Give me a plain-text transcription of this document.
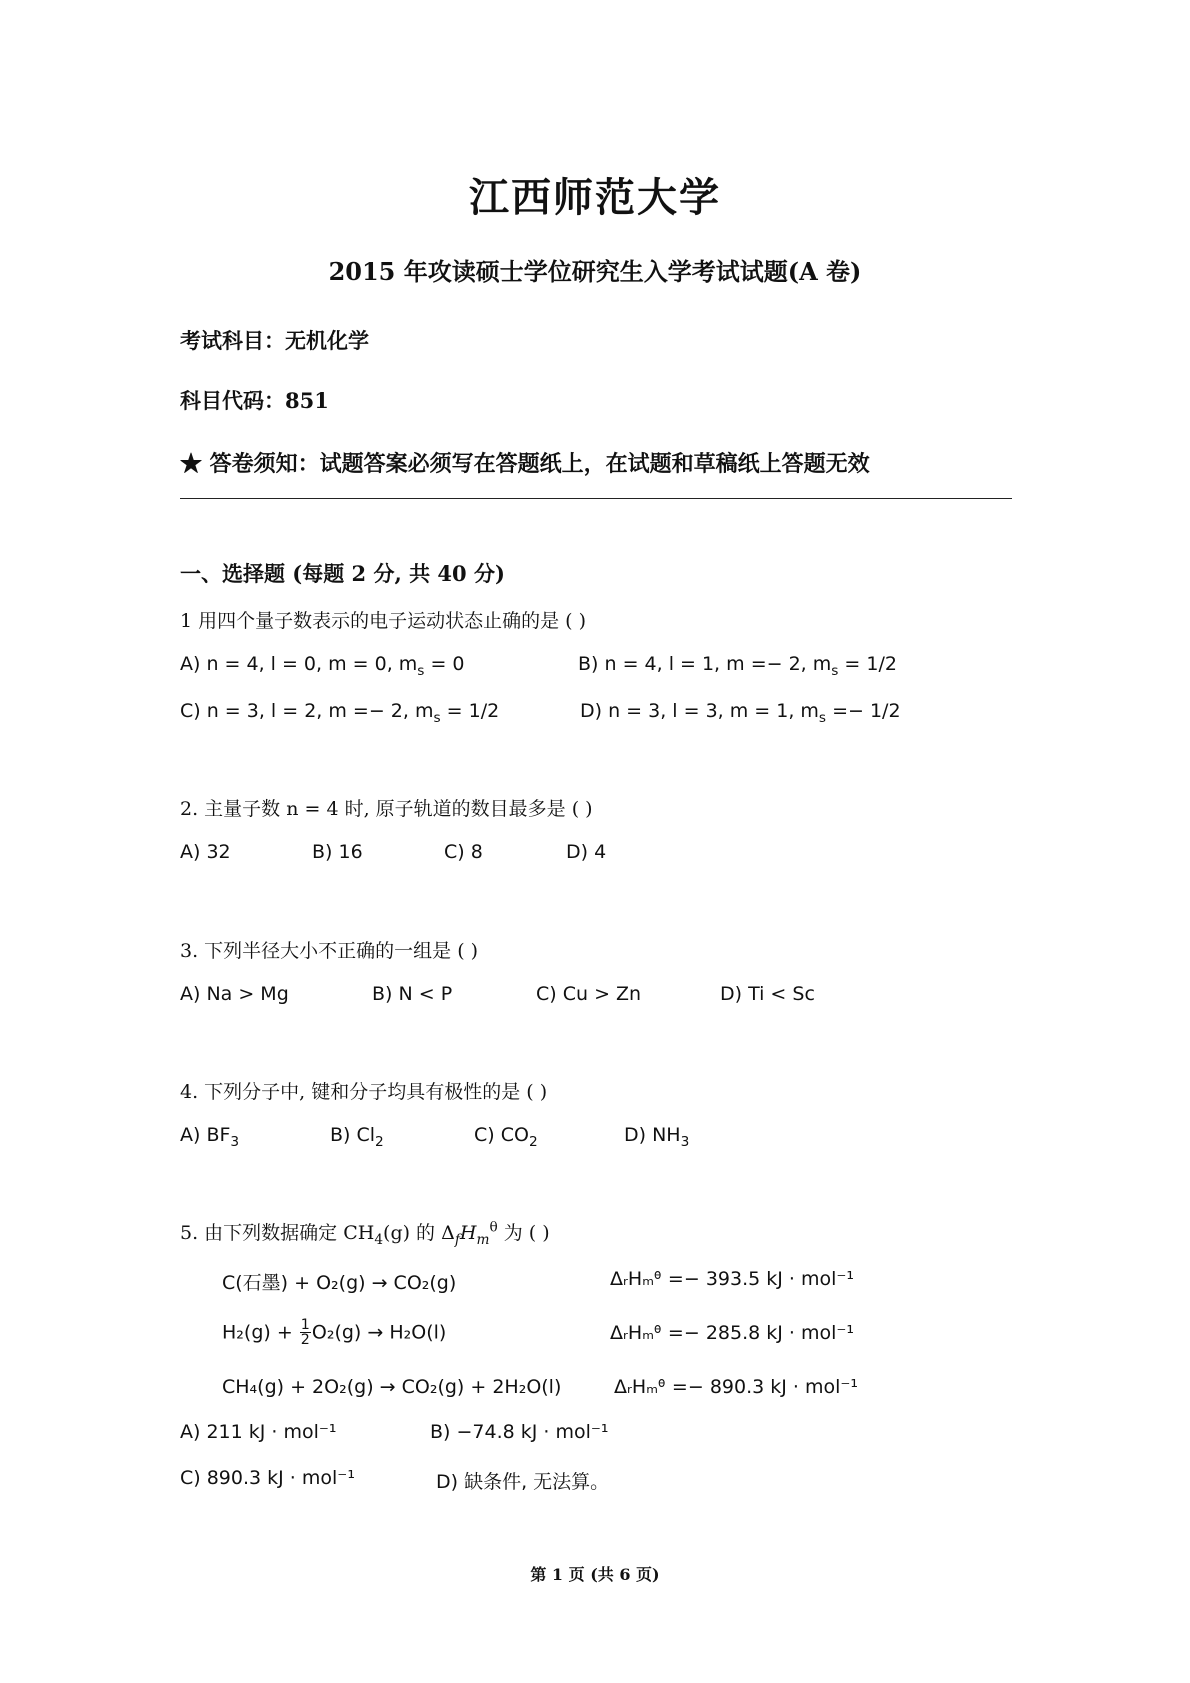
江西师范大学
2015 年攻读硕士学位研究生入学考试试题(A 卷)
考试科目：无机化学
科目代码：851
★ 答卷须知：试题答案必须写在答题纸上，在试题和草稿纸上答题无效
一、选择题 (每题 2 分, 共 40 分)
1 用四个量子数表示的电子运动状态止确的是 ( )
A) n = 4, l = 0, m = 0, $m_s = 0$	B) n = 4, l = 1, m =− 2, $m_s = 1/2$
C) n = 3, l = 2, m =− 2, $m_s = 1/2$	D) n = 3, l = 3, m = 1, $m_s =- 1/2$
2. 主量子数 n = 4 时, 原子轨道的数目最多是 ( )
A) 32	B) 16	C) 8	D) 4
3. 下列半径大小不正确的一组是 ( )
A) Na > Mg	B) N < P	C) Cu > Zn	D) Ti < Sc
4. 下列分子中, 键和分子均具有极性的是 ( )
A) $BF_3$	B) $Cl_2$	C) $CO_2$	D) $NH_3$
5. 由下列数据确定 $CH_4(g)$ 的 $\Delta_fH_m^\theta$ 为 ( )
C(石墨) + O₂(g) → CO₂(g)	ΔᵣHₘᶿ =− 393.5 kJ · mol⁻¹
$H_2(g) + \frac{1}{2} O_2(g) \to H_2O(l)$	ΔᵣHₘᶿ =− 285.8 kJ · mol⁻¹
CH₄(g) + 2O₂(g) → CO₂(g) + 2H₂O(l)	ΔᵣHₘᶿ =− 890.3 kJ · mol⁻¹
A) 211 kJ · mol⁻¹	B) −74.8 kJ · mol⁻¹
C) 890.3 kJ · mol⁻¹	D) 缺条件, 无法算。
第 1 页 (共 6 页)
